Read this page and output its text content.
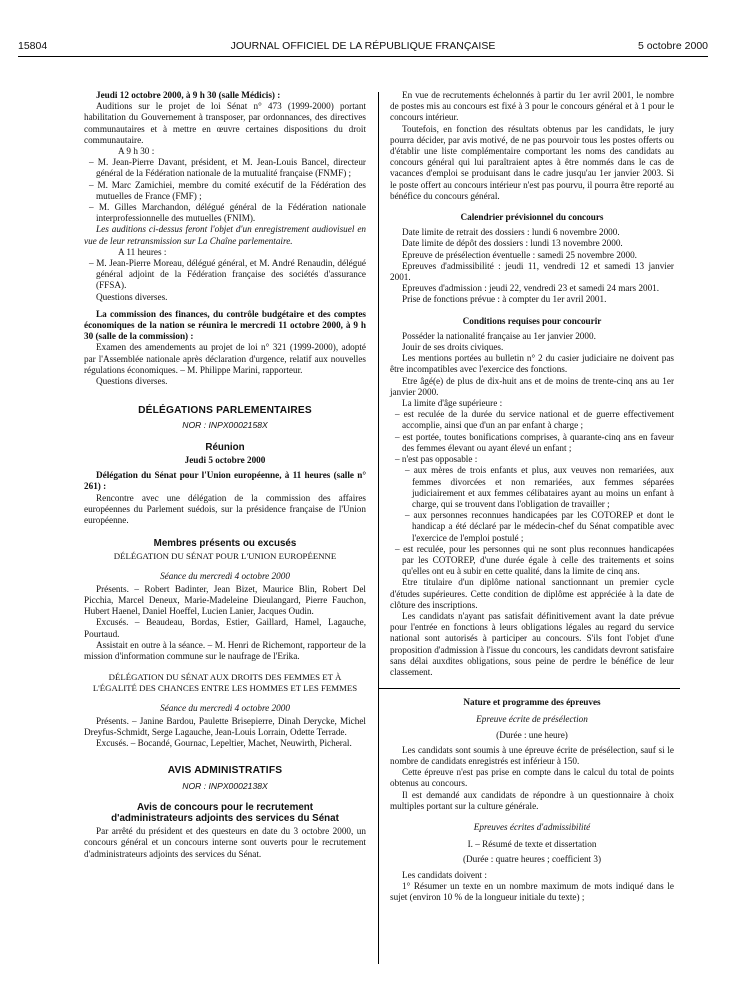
15804	JOURNAL OFFICIEL DE LA RÉPUBLIQUE FRANÇAISE	5 octobre 2000

Jeudi 12 octobre 2000, à 9 h 30 (salle Médicis) :

Auditions sur le projet de loi Sénat n° 473 (1999-2000) portant habilitation du Gouvernement à transposer, par ordonnances, des directives communautaires et à mettre en œuvre certaines dispositions du droit communautaire.

A 9 h 30 :

– M. Jean-Pierre Davant, président, et M. Jean-Louis Bancel, directeur général de la Fédération nationale de la mutualité française (FNMF) ;

– M. Marc Zamichiei, membre du comité exécutif de la Fédération des mutuelles de France (FMF) ;

– M. Gilles Marchandon, délégué général de la Fédération nationale interprofessionnelle des mutuelles (FNIM).

Les auditions ci-dessus feront l'objet d'un enregistrement audiovisuel en vue de leur retransmission sur La Chaîne parlementaire.

A 11 heures :

– M. Jean-Pierre Moreau, délégué général, et M. André Renaudin, délégué général adjoint de la Fédération française des sociétés d'assurance (FFSA).

Questions diverses.

La commission des finances, du contrôle budgétaire et des comptes économiques de la nation se réunira le mercredi 11 octobre 2000, à 9 h 30 (salle de la commission) :

Examen des amendements au projet de loi n° 321 (1999-2000), adopté par l'Assemblée nationale après déclaration d'urgence, relatif aux nouvelles régulations économiques. – M. Philippe Marini, rapporteur.

Questions diverses.

DÉLÉGATIONS PARLEMENTAIRES
NOR : INPX0002158X
Réunion

Jeudi 5 octobre 2000

Délégation du Sénat pour l'Union européenne, à 11 heures (salle n° 261) :

Rencontre avec une délégation de la commission des affaires européennes du Parlement suédois, sur la présidence française de l'Union européenne.

Membres présents ou excusés

DÉLÉGATION DU SÉNAT POUR L'UNION EUROPÉENNE

Séance du mercredi 4 octobre 2000

Présents. – Robert Badinter, Jean Bizet, Maurice Blin, Robert Del Picchia, Marcel Deneux, Marie-Madeleine Dieulangard, Pierre Fauchon, Hubert Haenel, Daniel Hoeffel, Lucien Lanier, Jacques Oudin.

Excusés. – Beaudeau, Bordas, Estier, Gaillard, Hamel, Lagauche, Pourtaud.

Assistait en outre à la séance. – M. Henri de Richemont, rapporteur de la mission d'information commune sur le naufrage de l'Erika.

DÉLÉGATION DU SÉNAT AUX DROITS DES FEMMES ET À L'ÉGALITÉ DES CHANCES ENTRE LES HOMMES ET LES FEMMES

Séance du mercredi 4 octobre 2000

Présents. – Janine Bardou, Paulette Brisepierre, Dinah Derycke, Michel Dreyfus-Schmidt, Serge Lagauche, Jean-Louis Lorrain, Odette Terrade.

Excusés. – Bocandé, Gournac, Lepeltier, Machet, Neuwirth, Picheral.

AVIS ADMINISTRATIFS
NOR : INPX0002138X
Avis de concours pour le recrutement d'administrateurs adjoints des services du Sénat

Par arrêté du président et des questeurs en date du 3 octobre 2000, un concours général et un concours interne sont ouverts pour le recrutement d'administrateurs adjoints des services du Sénat.

En vue de recrutements échelonnés à partir du 1er avril 2001, le nombre de postes mis au concours est fixé à 3 pour le concours général et à 1 pour le concours intérieur.

Toutefois, en fonction des résultats obtenus par les candidats, le jury pourra décider, par avis motivé, de ne pas pourvoir tous les postes offerts ou d'établir une liste complémentaire comportant les noms des candidats au concours général qui lui paraîtraient aptes à être nommés dans le cas de vacances d'emploi se produisant dans le cadre jusqu'au 1er janvier 2003. Si le poste offert au concours intérieur n'est pas pourvu, il pourra être reporté au bénéfice du concours général.

Calendrier prévisionnel du concours

Date limite de retrait des dossiers : lundi 6 novembre 2000.

Date limite de dépôt des dossiers : lundi 13 novembre 2000.

Epreuve de présélection éventuelle : samedi 25 novembre 2000.

Epreuves d'admissibilité : jeudi 11, vendredi 12 et samedi 13 janvier 2001.

Epreuves d'admission : jeudi 22, vendredi 23 et samedi 24 mars 2001.

Prise de fonctions prévue : à compter du 1er avril 2001.

Conditions requises pour concourir

Posséder la nationalité française au 1er janvier 2000.

Jouir de ses droits civiques.

Les mentions portées au bulletin n° 2 du casier judiciaire ne doivent pas être incompatibles avec l'exercice des fonctions.

Etre âgé(e) de plus de dix-huit ans et de moins de trente-cinq ans au 1er janvier 2000.

La limite d'âge supérieure :

– est reculée de la durée du service national et de guerre effectivement accomplie, ainsi que d'un an par enfant à charge ;

– est portée, toutes bonifications comprises, à quarante-cinq ans en faveur des femmes élevant ou ayant élevé un enfant ;

– n'est pas opposable :

– aux mères de trois enfants et plus, aux veuves non remariées, aux femmes divorcées et non remariées, aux femmes séparées judiciairement et aux femmes célibataires ayant au moins un enfant à charge, qui se trouvent dans l'obligation de travailler ;

– aux personnes reconnues handicapées par les COTOREP et dont le handicap a été déclaré par le médecin-chef du Sénat compatible avec l'exercice de l'emploi postulé ;

– est reculée, pour les personnes qui ne sont plus reconnues handicapées par les COTOREP, d'une durée égale à celle des traitements et soins qu'elles ont eu à subir en cette qualité, dans la limite de cinq ans.

Etre titulaire d'un diplôme national sanctionnant un premier cycle d'études supérieures. Cette condition de diplôme est appréciée à la date de clôture des inscriptions.

Les candidats n'ayant pas satisfait définitivement avant la date prévue pour l'entrée en fonctions à leurs obligations légales au regard du service national sont autorisés à participer au concours. S'ils font l'objet d'une proposition d'admission à l'issue du concours, les candidats devront satisfaire sans délai auxdites obligations, sous peine de perdre le bénéfice de leur classement.

Nature et programme des épreuves

Epreuve écrite de présélection

(Durée : une heure)

Les candidats sont soumis à une épreuve écrite de présélection, sauf si le nombre de candidats enregistrés est inférieur à 150.

Cette épreuve n'est pas prise en compte dans le calcul du total de points obtenus au concours.

Il est demandé aux candidats de répondre à un questionnaire à choix multiples portant sur la culture générale.

Epreuves écrites d'admissibilité

I. – Résumé de texte et dissertation

(Durée : quatre heures ; coefficient 3)

Les candidats doivent :

1° Résumer un texte en un nombre maximum de mots indiqué dans le sujet (environ 10 % de la longueur initiale du texte) ;
